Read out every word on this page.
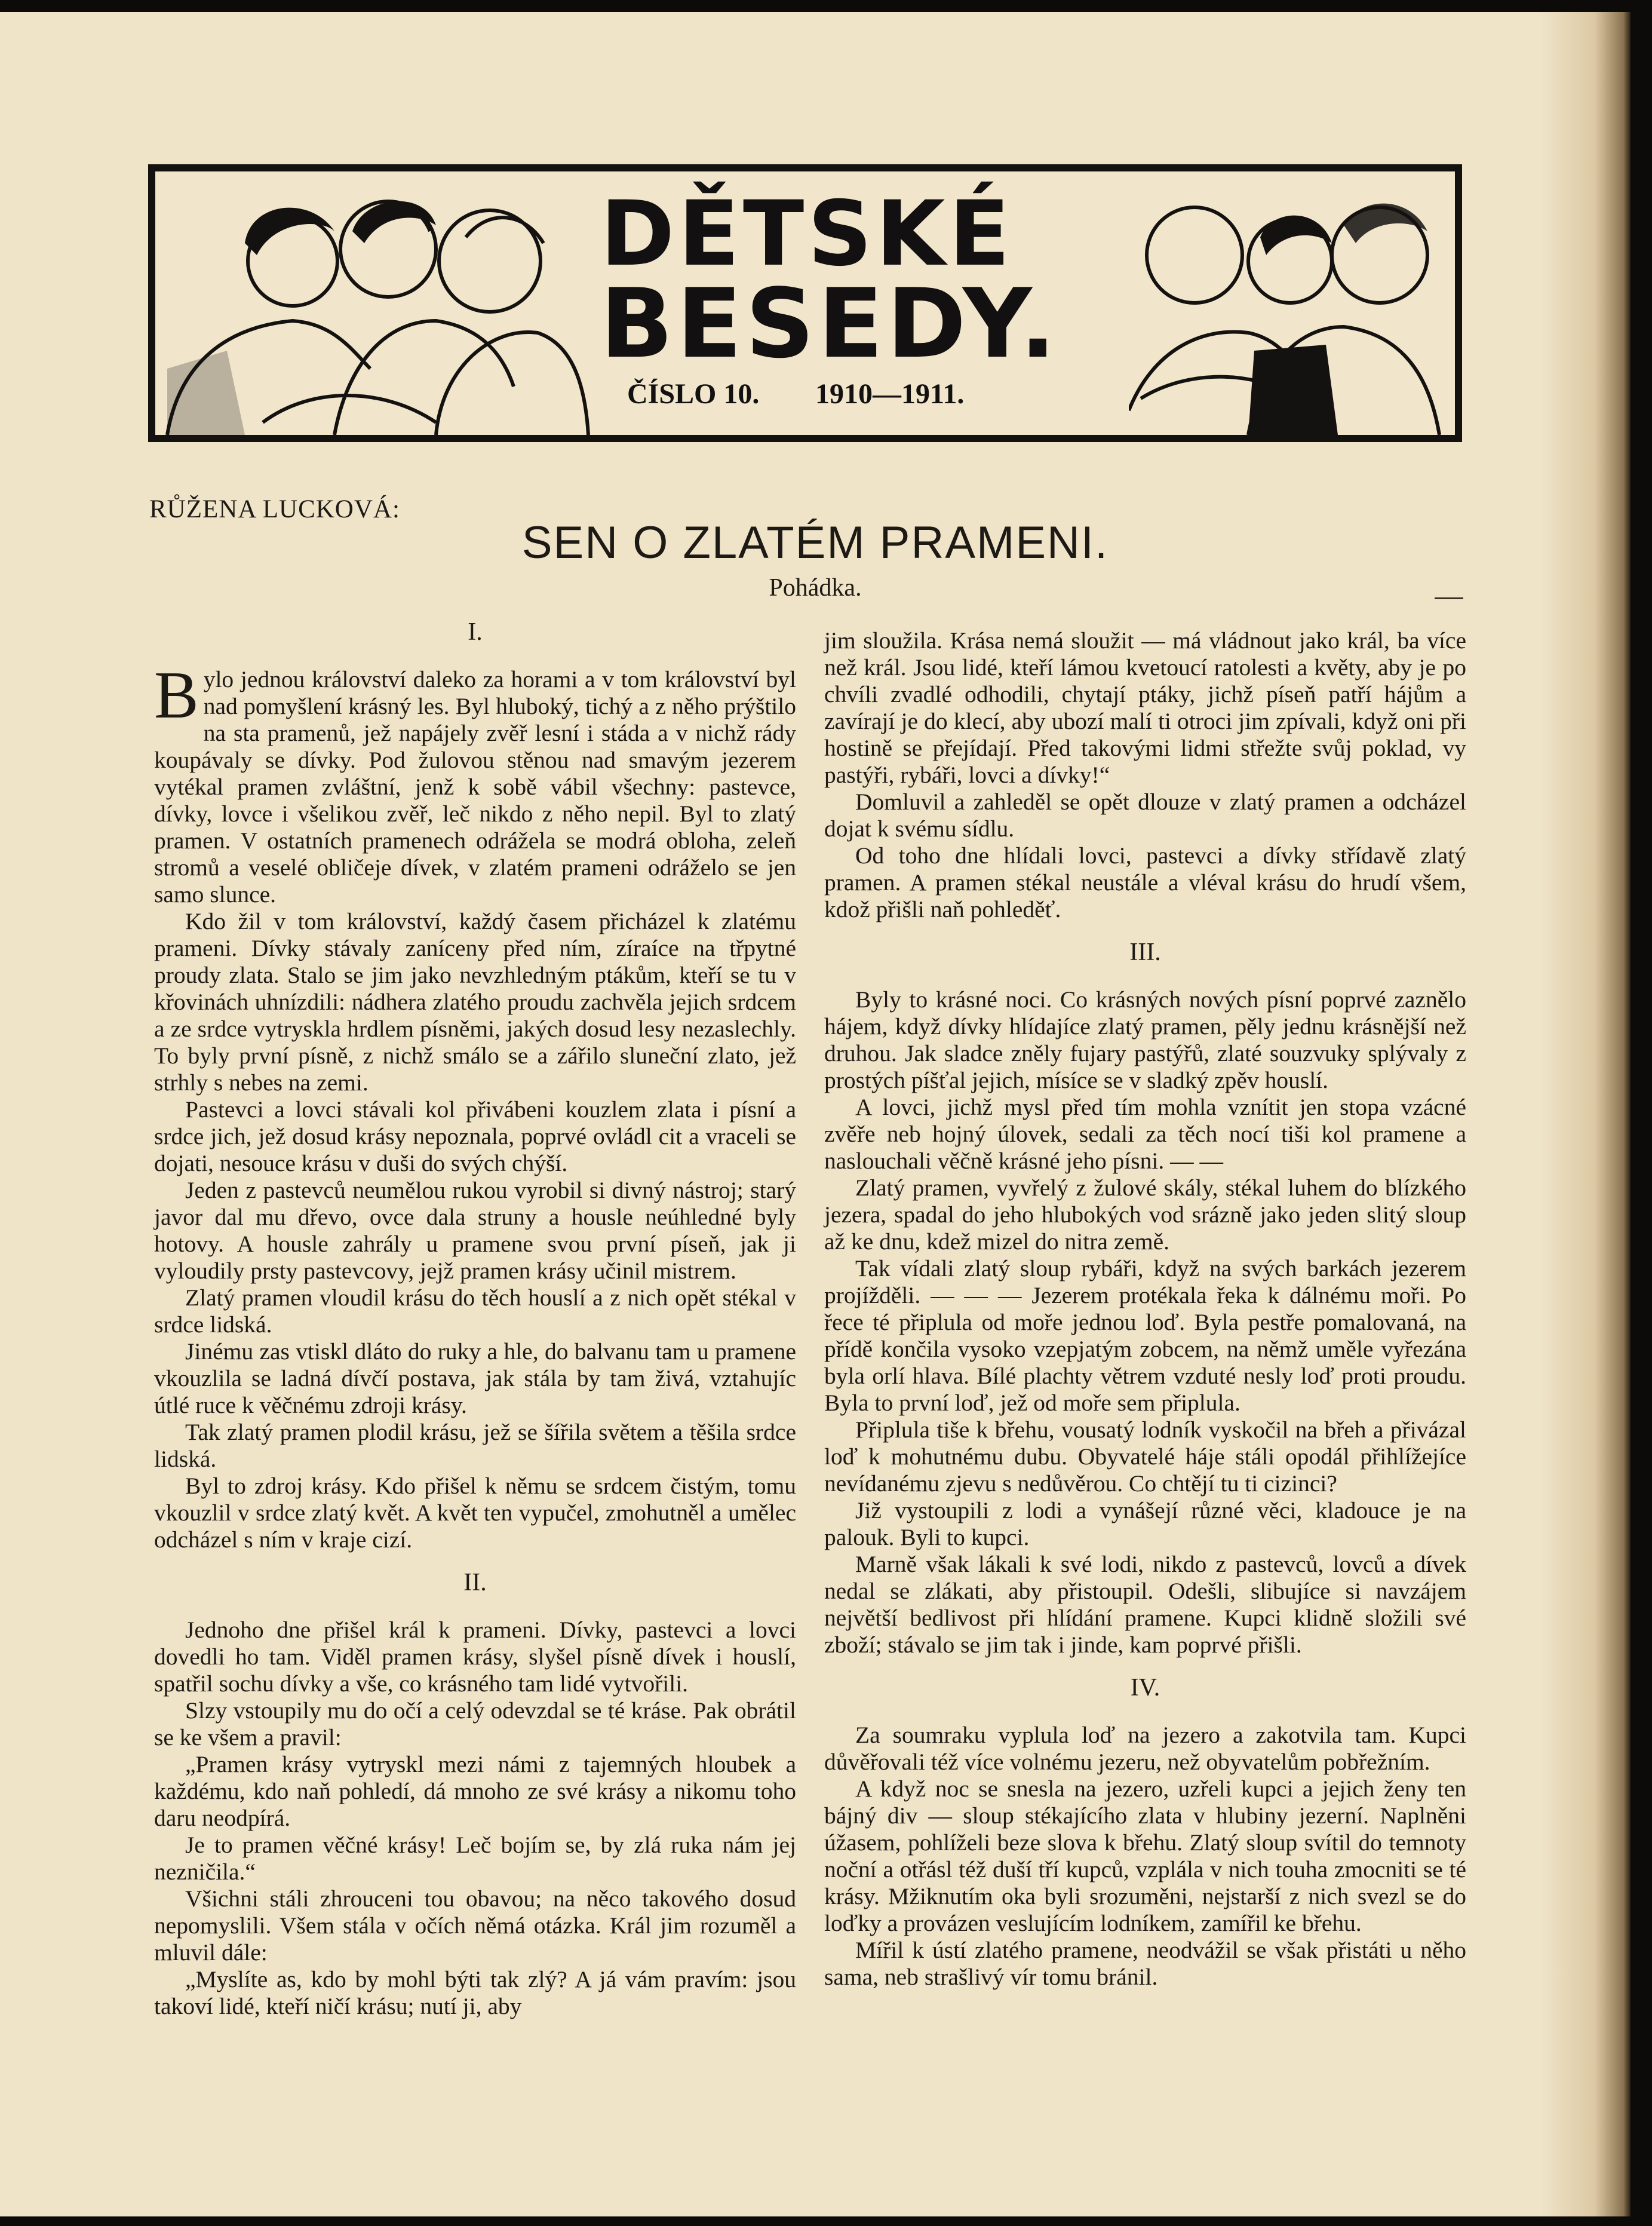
DĚTSKÉ
BESEDY.
ČÍSLO 10. 1910—1911.

RŮŽENA LUCKOVÁ:

SEN O ZLATÉM PRAMENI.

Pohádka.

I.

Bylo jednou království daleko za horami a v tom království byl nad pomyšlení krásný les. Byl hluboký, tichý a z něho prýštilo na sta pramenů, jež napájely zvěř lesní i stáda a v nichž rády koupávaly se dívky. Pod žulovou stěnou nad smavým jezerem vytékal pramen zvláštní, jenž k sobě vábil všechny: pastevce, dívky, lovce i všelikou zvěř, leč nikdo z něho nepil. Byl to zlatý pramen. V ostatních pramenech odrážela se modrá obloha, zeleň stromů a veselé obličeje dívek, v zlatém prameni odráželo se jen samo slunce.

Kdo žil v tom království, každý časem přicházel k zlatému prameni. Dívky stávaly zaníceny před ním, zíraíce na třpytné proudy zlata. Stalo se jim jako nevzhledným ptákům, kteří se tu v křovinách uhnízdili: nádhera zlatého proudu zachvěla jejich srdcem a ze srdce vytryskla hrdlem písněmi, jakých dosud lesy nezaslechly. To byly první písně, z nichž smálo se a zářilo sluneční zlato, jež strhly s nebes na zemi.

Pastevci a lovci stávali kol přivábeni kouzlem zlata i písní a srdce jich, jež dosud krásy nepoznala, poprvé ovládl cit a vraceli se dojati, nesouce krásu v duši do svých chýší.

Jeden z pastevců neumělou rukou vyrobil si divný nástroj; starý javor dal mu dřevo, ovce dala struny a housle neúhledné byly hotovy. A housle zahrály u pramene svou první píseň, jak ji vyloudily prsty pastevcovy, jejž pramen krásy učinil mistrem.

Zlatý pramen vloudil krásu do těch houslí a z nich opět stékal v srdce lidská.

Jinému zas vtiskl dláto do ruky a hle, do balvanu tam u pramene vkouzlila se ladná dívčí postava, jak stála by tam živá, vztahujíc útlé ruce k věčnému zdroji krásy.

Tak zlatý pramen plodil krásu, jež se šířila světem a těšila srdce lidská.

Byl to zdroj krásy. Kdo přišel k němu se srdcem čistým, tomu vkouzlil v srdce zlatý květ. A květ ten vypučel, zmohutněl a umělec odcházel s ním v kraje cizí.

II.

Jednoho dne přišel král k prameni. Dívky, pastevci a lovci dovedli ho tam. Viděl pramen krásy, slyšel písně dívek i houslí, spatřil sochu dívky a vše, co krásného tam lidé vytvořili.

Slzy vstoupily mu do očí a celý odevzdal se té kráse. Pak obrátil se ke všem a pravil:

„Pramen krásy vytryskl mezi námi z tajemných hloubek a každému, kdo naň pohledí, dá mnoho ze své krásy a nikomu toho daru neodpírá.

Je to pramen věčné krásy! Leč bojím se, by zlá ruka nám jej nezničila.“

Všichni stáli zhrouceni tou obavou; na něco takového dosud nepomyslili. Všem stála v očích němá otázka. Král jim rozuměl a mluvil dále:

„Myslíte as, kdo by mohl býti tak zlý? A já vám pravím: jsou takoví lidé, kteří ničí krásu; nutí ji, aby

jim sloužila. Krása nemá sloužit — má vládnout jako král, ba více než král. Jsou lidé, kteří lámou kvetoucí ratolesti a květy, aby je po chvíli zvadlé odhodili, chytají ptáky, jichž píseň patří hájům a zavírají je do klecí, aby ubozí malí ti otroci jim zpívali, když oni při hostině se přejídají. Před takovými lidmi střežte svůj poklad, vy pastýři, rybáři, lovci a dívky!“

Domluvil a zahleděl se opět dlouze v zlatý pramen a odcházel dojat k svému sídlu.

Od toho dne hlídali lovci, pastevci a dívky střídavě zlatý pramen. A pramen stékal neustále a vléval krásu do hrudí všem, kdož přišli naň pohleděť.

III.

Byly to krásné noci. Co krásných nových písní poprvé zaznělo hájem, když dívky hlídajíce zlatý pramen, pěly jednu krásnější než druhou. Jak sladce zněly fujary pastýřů, zlaté souzvuky splývaly z prostých píšťal jejich, mísíce se v sladký zpěv houslí.

A lovci, jichž mysl před tím mohla vznítit jen stopa vzácné zvěře neb hojný úlovek, sedali za těch nocí tiši kol pramene a naslouchali věčně krásné jeho písni. — —

Zlatý pramen, vyvřelý z žulové skály, stékal luhem do blízkého jezera, spadal do jeho hlubokých vod srázně jako jeden slitý sloup až ke dnu, kdež mizel do nitra země.

Tak vídali zlatý sloup rybáři, když na svých barkách jezerem projížděli. — — — Jezerem protékala řeka k dálnému moři. Po řece té připlula od moře jednou loď. Byla pestře pomalovaná, na přídě končila vysoko vzepjatým zobcem, na němž uměle vyřezána byla orlí hlava. Bílé plachty větrem vzduté nesly loď proti proudu. Byla to první loď, jež od moře sem připlula.

Připlula tiše k břehu, vousatý lodník vyskočil na břeh a přivázal loď k mohutnému dubu. Obyvatelé háje stáli opodál přihlížejíce nevídanému zjevu s nedůvěrou. Co chtějí tu ti cizinci?

Již vystoupili z lodi a vynášejí různé věci, kladouce je na palouk. Byli to kupci.

Marně však lákali k své lodi, nikdo z pastevců, lovců a dívek nedal se zlákati, aby přistoupil. Odešli, slibujíce si navzájem největší bedlivost při hlídání pramene. Kupci klidně složili své zboží; stávalo se jim tak i jinde, kam poprvé přišli.

IV.

Za soumraku vyplula loď na jezero a zakotvila tam. Kupci důvěřovali též více volnému jezeru, než obyvatelům pobřežním.

A když noc se snesla na jezero, uzřeli kupci a jejich ženy ten bájný div — sloup stékajícího zlata v hlubiny jezerní. Naplněni úžasem, pohlíželi beze slova k břehu. Zlatý sloup svítil do temnoty noční a otřásl též duší tří kupců, vzplála v nich touha zmocniti se té krásy. Mžiknutím oka byli srozuměni, nejstarší z nich svezl se do loďky a provázen veslujícím lodníkem, zamířil ke břehu.

Mířil k ústí zlatého pramene, neodvážil se však přistáti u něho sama, neb strašlivý vír tomu bránil.
